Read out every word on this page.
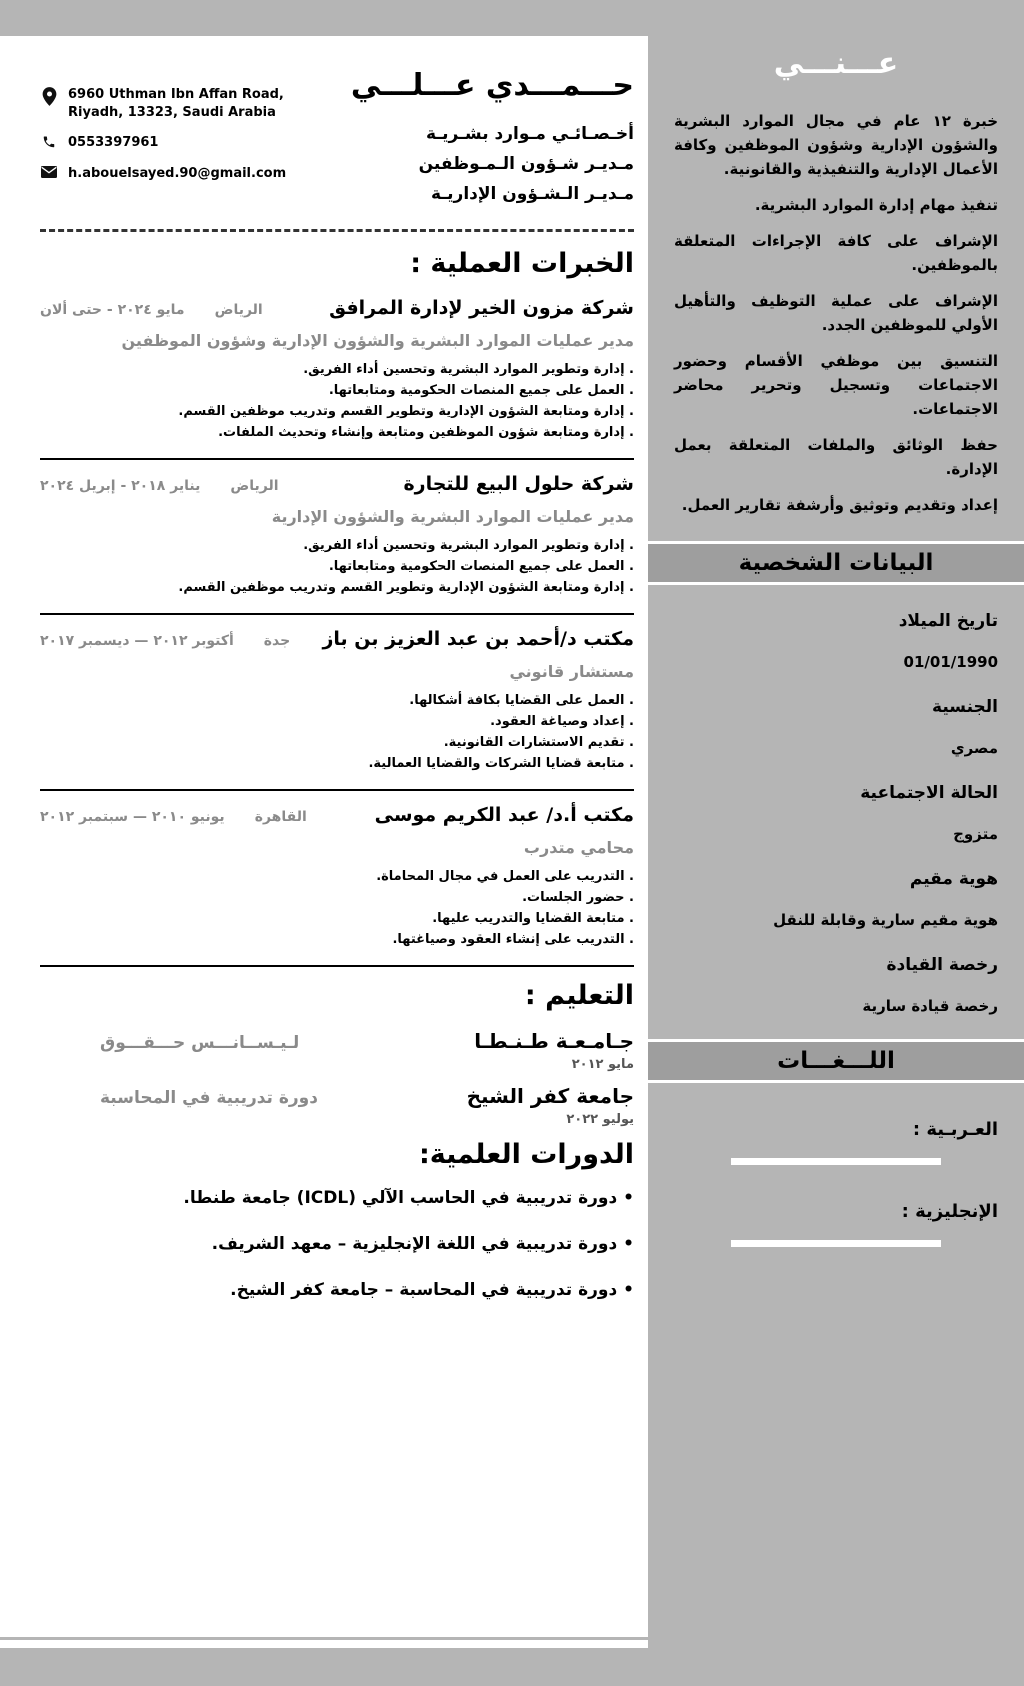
عـــنـــي

خبرة ١٢ عام في مجال الموارد البشرية والشؤون الإدارية وشؤون الموظفين وكافة الأعمال الإدارية والتنفيذية والقانونية.

تنفيذ مهام إدارة الموارد البشرية.

الإشراف على كافة الإجراءات المتعلقة بالموظفين.

الإشراف على عملية التوظيف والتأهيل الأولي للموظفين الجدد.

التنسيق بين موظفي الأقسام وحضور الاجتماعات وتسجيل وتحرير محاضر الاجتماعات.

حفظ الوثائق والملفات المتعلقة بعمل الإدارة.

إعداد وتقديم وتوثيق وأرشفة تقارير العمل.

البيانات الشخصية
تاريخ الميلاد
01/01/1990
الجنسية
مصري
الحالة الاجتماعية
متزوج
هوية مقيم
هوية مقيم سارية وقابلة للنقل
رخصة القيادة
رخصة قيادة سارية
اللـــغـــات
العـربـية :
الإنجليزية :
حـــمـــدي عـــلـــي
أخـصـائـي مـوارد بشـريـة
مـديـر شـؤون الـمـوظفين
مـديـر الـشـؤون الإداريـة
6960 Uthman Ibn Affan Road,
Riyadh, 13323, Saudi Arabia
0553397961
h.abouelsayed.90@gmail.com
الخبرات العملية :
شركة مزون الخير لإدارة المرافق
الرياض
مايو ٢٠٢٤ - حتى ألان
مدير عمليات الموارد البشرية والشؤون الإدارية وشؤون الموظفين
. إدارة وتطوير الموارد البشرية وتحسين أداء الفريق.
. العمل على جميع المنصات الحكومية ومتابعاتها.
. إدارة ومتابعة الشؤون الإدارية وتطوير القسم وتدريب موظفين القسم.
. إدارة ومتابعة شؤون الموظفين ومتابعة وإنشاء وتحديث الملفات.
شركة حلول البيع للتجارة
الرياض
يناير ٢٠١٨ - إبريل ٢٠٢٤
مدير عمليات الموارد البشرية والشؤون الإدارية
. إدارة وتطوير الموارد البشرية وتحسين أداء الفريق.
. العمل على جميع المنصات الحكومية ومتابعاتها.
. إدارة ومتابعة الشؤون الإدارية وتطوير القسم وتدريب موظفين القسم.
مكتب د/أحمد بن عبد العزيز بن باز
جدة
أكتوبر ٢٠١٢ — ديسمبر ٢٠١٧
مستشار قانوني
. العمل على القضايا بكافة أشكالها.
. إعداد وصياغة العقود.
. تقديم الاستشارات القانونية.
. متابعة قضايا الشركات والقضايا العمالية.
مكتب أ.د/ عبد الكريم موسى
القاهرة
يونيو ٢٠١٠ — سبتمبر ٢٠١٢
محامي متدرب
. التدريب على العمل في مجال المحاماة.
. حضور الجلسات.
. متابعة القضايا والتدريب عليها.
. التدريب على إنشاء العقود وصياغتها.
التعليم :
جـامـعـة طـنـطـا
لـيـســانـــس حـــقـــوق
مايو ٢٠١٢
جامعة كفر الشيخ
دورة تدريبية في المحاسبة
يوليو ٢٠٢٢
الدورات العلمية:
• دورة تدريبية في الحاسب الآلي (ICDL) جامعة طنطا.
• دورة تدريبية في اللغة الإنجليزية – معهد الشريف.
• دورة تدريبية في المحاسبة – جامعة كفر الشيخ.
